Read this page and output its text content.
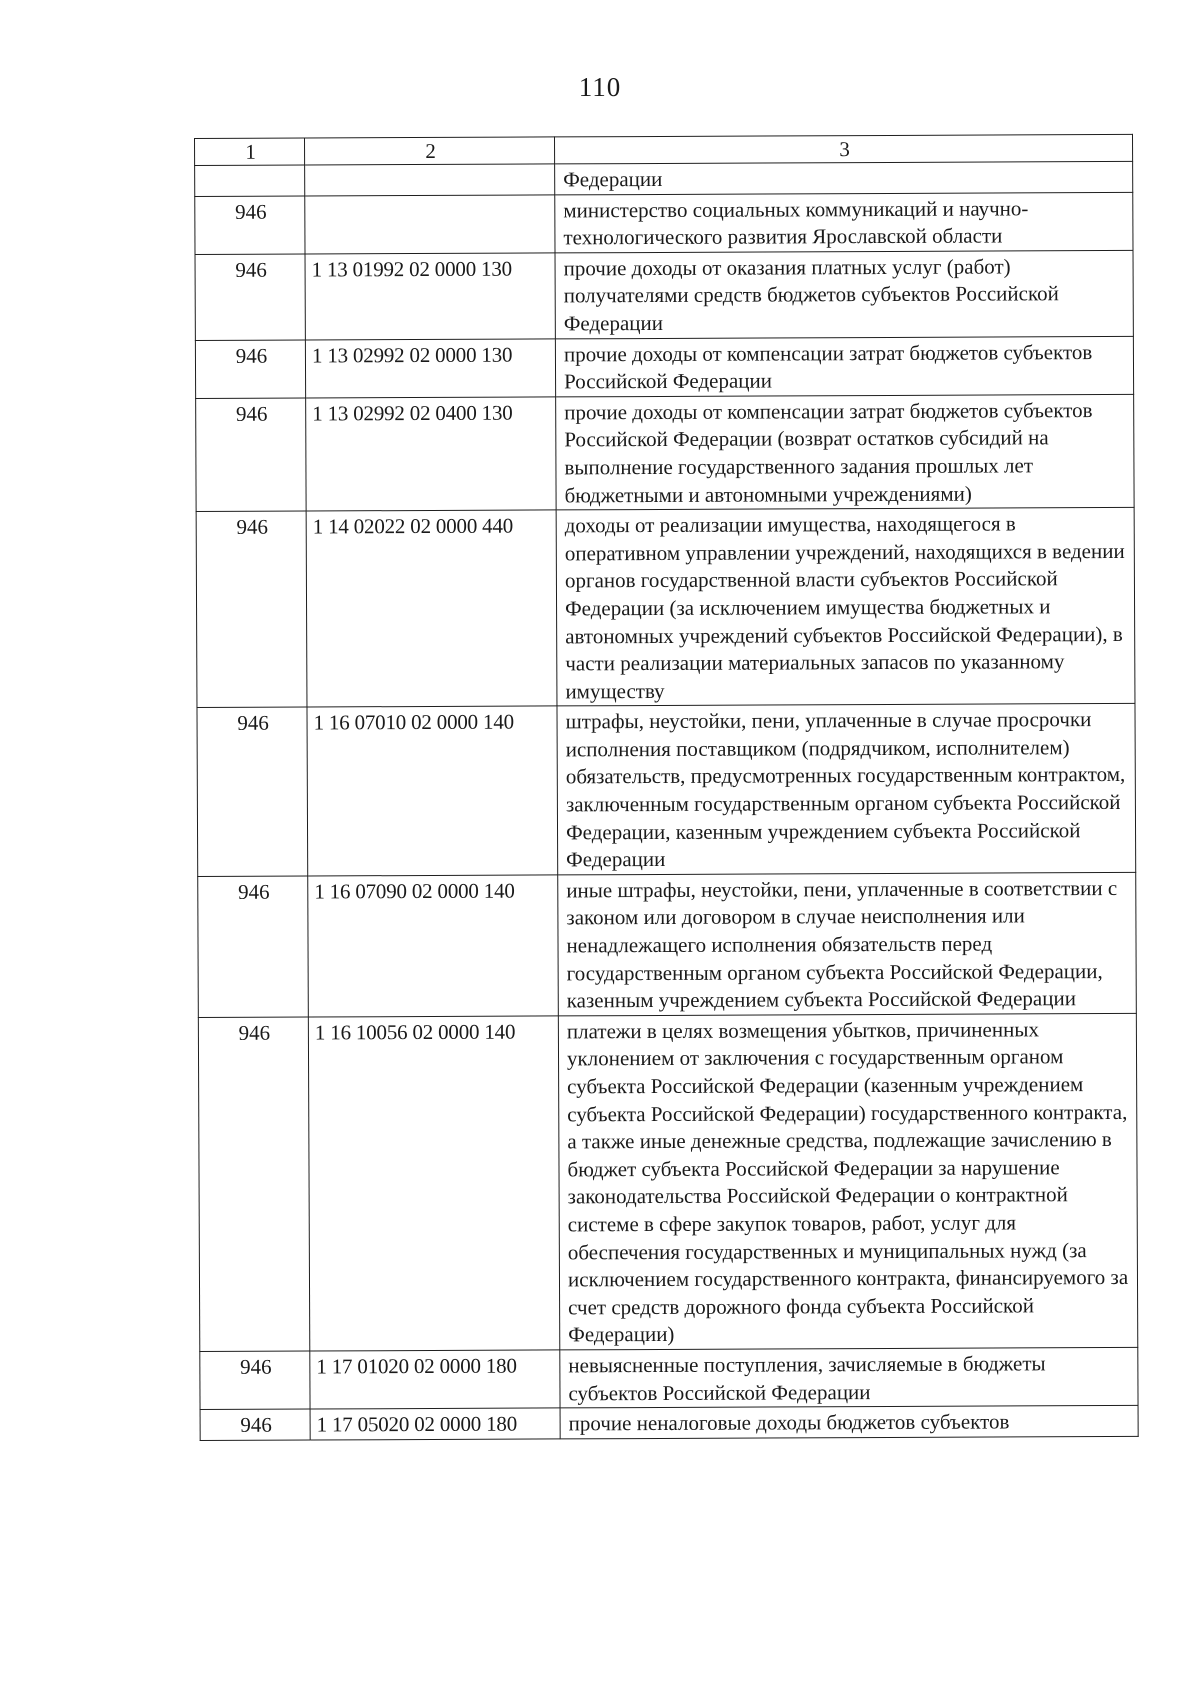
110
1	2	3
		Федерации
946		министерство социальных коммуникаций и научно-технологического развития Ярославской области
946	1 13 01992 02 0000 130	прочие доходы от оказания платных услуг (работ) получателями средств бюджетов субъектов Российской Федерации
946	1 13 02992 02 0000 130	прочие доходы от компенсации затрат бюджетов субъектов Российской Федерации
946	1 13 02992 02 0400 130	прочие доходы от компенсации затрат бюджетов субъектов Российской Федерации (возврат остатков субсидий на выполнение государственного задания прошлых лет бюджетными и автономными учреждениями)
946	1 14 02022 02 0000 440	доходы от реализации имущества, находящегося в оперативном управлении учреждений, находящихся в ведении органов государственной власти субъектов Российской Федерации (за исключением имущества бюджетных и автономных учреждений субъектов Российской Федерации), в части реализации материальных запасов по указанному имуществу
946	1 16 07010 02 0000 140	штрафы, неустойки, пени, уплаченные в случае просрочки исполнения поставщиком (подрядчиком, исполнителем) обязательств, предусмотренных государственным контрактом, заключенным государственным органом субъекта Российской Федерации, казенным учреждением субъекта Российской Федерации
946	1 16 07090 02 0000 140	иные штрафы, неустойки, пени, уплаченные в соответствии с законом или договором в случае неисполнения или ненадлежащего исполнения обязательств перед государственным органом субъекта Российской Федерации, казенным учреждением субъекта Российской Федерации
946	1 16 10056 02 0000 140	платежи в целях возмещения убытков, причиненных уклонением от заключения с государственным органом субъекта Российской Федерации (казенным учреждением субъекта Российской Федерации) государственного контракта, а также иные денежные средства, подлежащие зачислению в бюджет субъекта Российской Федерации за нарушение законодательства Российской Федерации о контрактной системе в сфере закупок товаров, работ, услуг для обеспечения государственных и муниципальных нужд (за исключением государственного контракта, финансируемого за счет средств дорожного фонда субъекта Российской Федерации)
946	1 17 01020 02 0000 180	невыясненные поступления, зачисляемые в бюджеты субъектов Российской Федерации
946	1 17 05020 02 0000 180	прочие неналоговые доходы бюджетов субъектов
